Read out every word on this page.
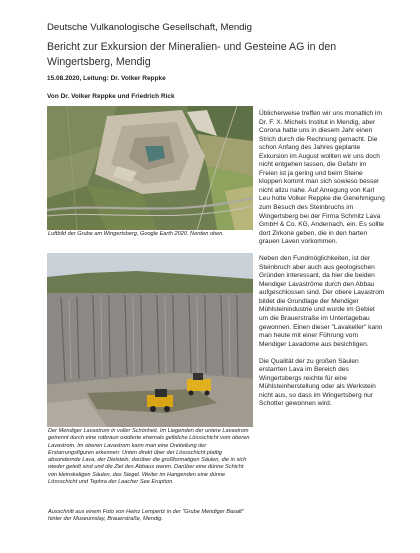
Deutsche Vulkanologische Gesellschaft, Mendig
Bericht zur Exkursion der Mineralien- und Gesteine AG in den Wingertsberg, Mendig
15.08.2020, Leitung: Dr. Volker Reppke
Von Dr. Volker Reppke und Friedrich Rick
Luftbild der Grube am Wingertsberg, Google Earth 2020. Norden oben.
Der Mendiger Lavastrom in voller Schönheit. Im Liegenden der untere Lavastrom getrennt durch eine rotbraun oxidierte ehemals gelbliche Lössschicht vom oberen Lavastrom. Im oberen Lavastrom kann man eine Dreiteilung der Erstarrungsfiguren erkennen: Unten direkt über der Lössschicht plattig absondernde Lava, der Dielstein, darüber die großformatigen Säulen, die in sich wieder geteilt sind und die Ziel des Abbaus waren. Darüber eine dünne Schicht von kleinskaligen Säulen, das Siegel. Weiter im Hangenden eine dünne Lössschicht und Tephra der Laacher See Eruption.
Ausschnitt aus einem Foto von Heinz Lempertz in der "Grube Mendiger Basalt" hinter der Museumslay, Brauerstraße, Mendig.

Üblicherweise treffen wir uns monatlich im Dr. F. X. Michels Institut in Mendig, aber Corona hatte uns in diesem Jahr einen Strich durch die Rechnung gemacht. Die schon Anfang des Jahres geplante Exkursion im August wollten wir uns doch nicht entgehen lassen, die Gefahr im Freien ist ja gering und beim Steine kloppen kommt man sich sowieso besser nicht allzu nahe. Auf Anregung von Karl Leu holte Volker Reppke die Genehmigung zum Besuch des Steinbruchs im Wingertsberg bei der Firma Schmitz Lava GmbH & Co. KG, Andernach, ein. Es sollte dort Zirkone geben, die in den harten grauen Laven vorkommen.

Neben den Fundmöglichkeiten, ist der Steinbruch aber auch aus geologischen Gründen interessant, da hier die beiden Mendiger Lavaströme durch den Abbau aufgeschlossen sind. Der obere Lavastrom bildet die Grundlage der Mendiger Mühlsteinindustrie und wurde im Gebiet um die Brauerstraße im Untertagebau gewonnen. Einen dieser "Lavakeller" kann man heute mit einer Führung vom Mendiger Lavadome aus besichtigen.

Die Qualität der zu großen Säulen erstarrten Lava im Bereich des Wingertsbergs reichte für eine Mühlsteinherstellung oder als Werkstein nicht aus, so dass im Wingertsberg nur Schotter gewonnen wird.
